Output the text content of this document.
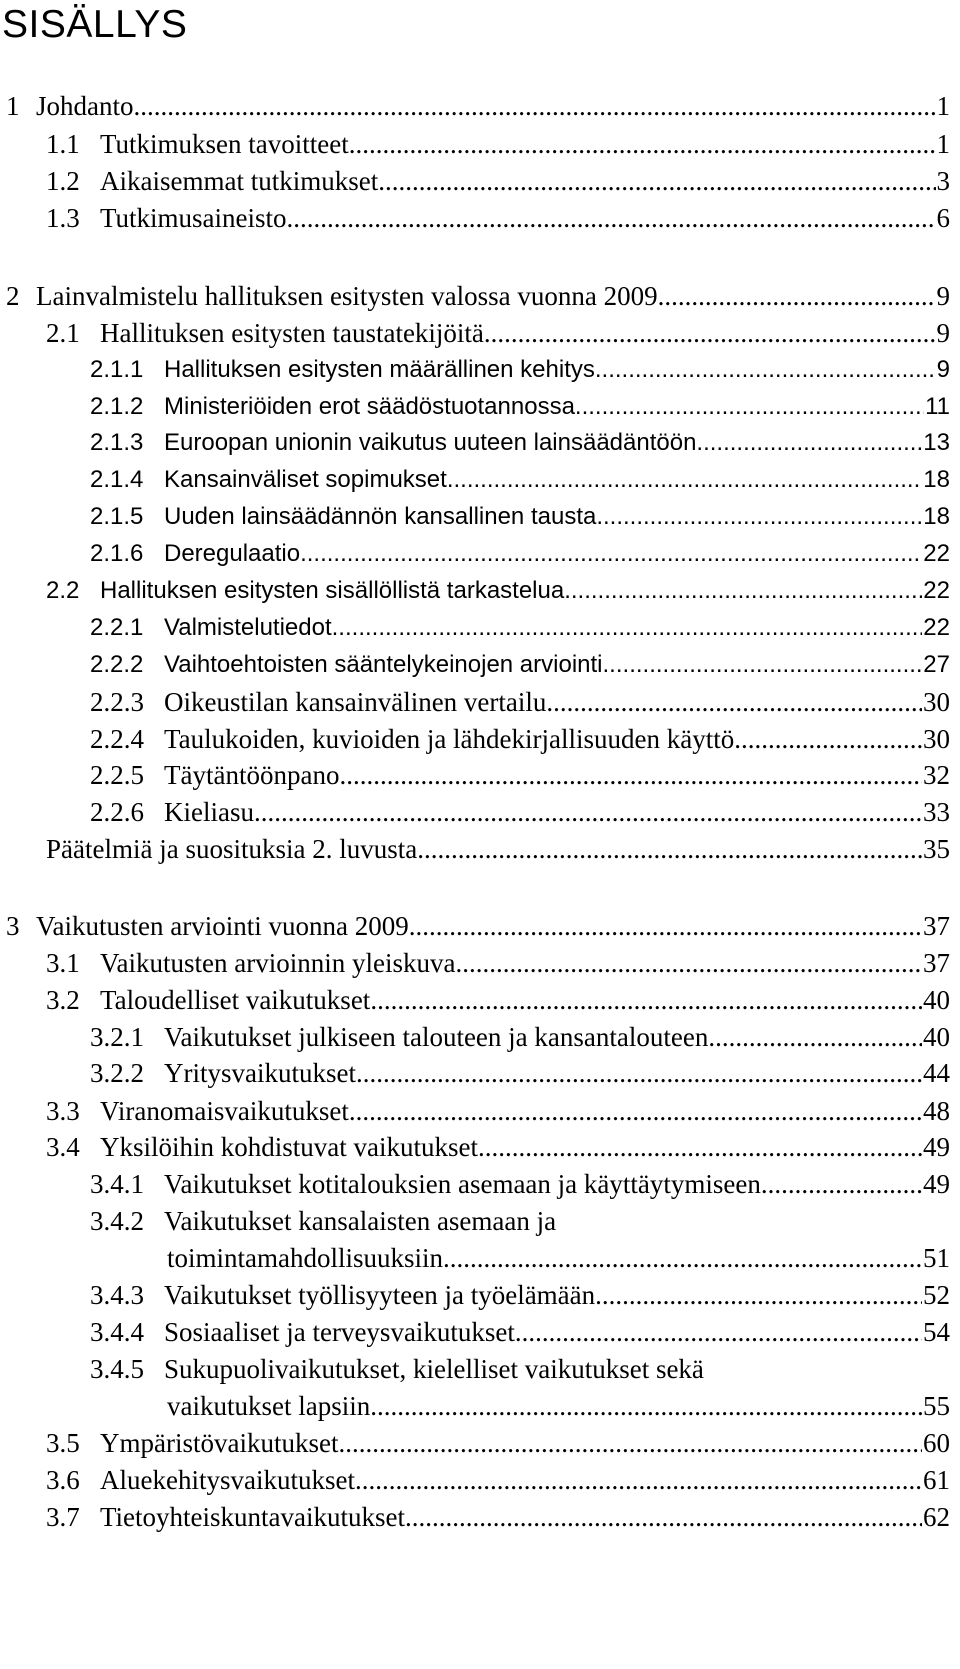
SISÄLLYS
1 Johdanto .....	1
1.1 Tutkimuksen tavoitteet .....	1
1.2 Aikaisemmat tutkimukset .....	3
1.3 Tutkimusaineisto .....	6
2 Lainvalmistelu hallituksen esitysten valossa vuonna 2009 .....	9
2.1 Hallituksen esitysten taustatekijöitä .....	9
2.1.1 Hallituksen esitysten määrällinen kehitys .....	9
2.1.2 Ministeriöiden erot säädöstuotannossa .....	11
2.1.3 Euroopan unionin vaikutus uuteen lainsäädäntöön .....	13
2.1.4 Kansainväliset sopimukset .....	18
2.1.5 Uuden lainsäädännön kansallinen tausta .....	18
2.1.6 Deregulaatio .....	22
2.2 Hallituksen esitysten sisällöllistä tarkastelua .....	22
2.2.1 Valmistelutiedot .....	22
2.2.2 Vaihtoehtoisten sääntelykeinojen arviointi .....	27
2.2.3 Oikeustilan kansainvälinen vertailu .....	30
2.2.4 Taulukoiden, kuvioiden ja lähdekirjallisuuden käyttö .....	30
2.2.5 Täytäntöönpano .....	32
2.2.6 Kieliasu .....	33
Päätelmiä ja suosituksia 2. luvusta .....	35
3 Vaikutusten arviointi vuonna 2009 .....	37
3.1 Vaikutusten arvioinnin yleiskuva .....	37
3.2 Taloudelliset vaikutukset .....	40
3.2.1 Vaikutukset julkiseen talouteen ja kansantalouteen .....	40
3.2.2 Yritysvaikutukset .....	44
3.3 Viranomaisvaikutukset .....	48
3.4 Yksilöihin kohdistuvat vaikutukset .....	49
3.4.1 Vaikutukset kotitalouksien asemaan ja käyttäytymiseen .....	49
3.4.2 Vaikutukset kansalaisten asemaan ja
toimintamahdollisuuksiin .....	51
3.4.3 Vaikutukset työllisyyteen ja työelämään .....	52
3.4.4 Sosiaaliset ja terveysvaikutukset .....	54
3.4.5 Sukupuolivaikutukset, kielelliset vaikutukset sekä
vaikutukset lapsiin .....	55
3.5 Ympäristövaikutukset .....	60
3.6 Aluekehitysvaikutukset .....	61
3.7 Tietoyhteiskuntavaikutukset .....	62
